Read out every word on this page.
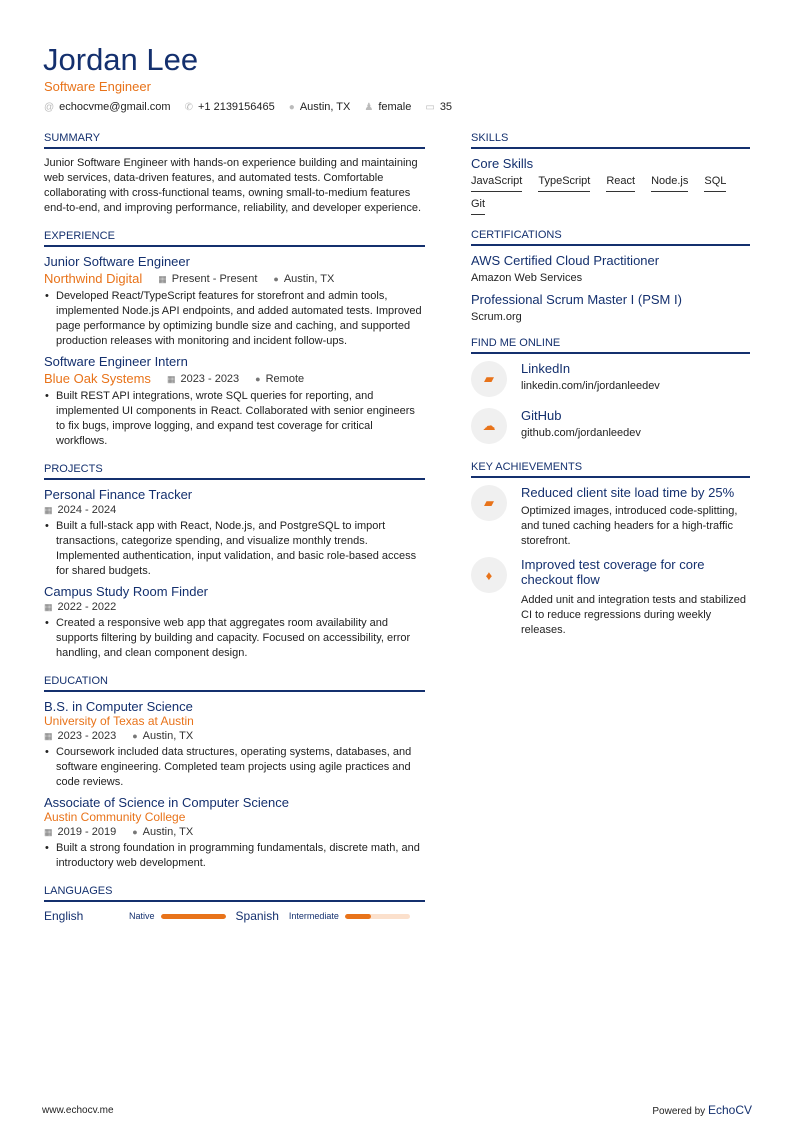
Jordan Lee
Software Engineer
@ echocvme@gmail.com ✆ +1 2139156465 ● Austin, TX ♟ female ▭ 35
SUMMARY

Junior Software Engineer with hands-on experience building and maintaining web services, data-driven features, and automated tests. Comfortable collaborating with cross-functional teams, owning small-to-medium features end-to-end, and improving performance, reliability, and developer experience.

EXPERIENCE
Junior Software Engineer
Northwind Digital ▦ Present - Present ● Austin, TX
• Developed React/TypeScript features for storefront and admin tools, implemented Node.js API endpoints, and added automated tests. Improved page performance by optimizing bundle size and caching, and supported production releases with monitoring and incident follow-ups.
Software Engineer Intern
Blue Oak Systems ▦ 2023 - 2023 ● Remote
• Built REST API integrations, wrote SQL queries for reporting, and implemented UI components in React. Collaborated with senior engineers to fix bugs, improve logging, and expand test coverage for critical workflows.
PROJECTS
Personal Finance Tracker
▦ 2024 - 2024
• Built a full-stack app with React, Node.js, and PostgreSQL to import transactions, categorize spending, and visualize monthly trends. Implemented authentication, input validation, and basic role-based access for shared budgets.
Campus Study Room Finder
▦ 2022 - 2022
• Created a responsive web app that aggregates room availability and supports filtering by building and capacity. Focused on accessibility, error handling, and clean component design.
EDUCATION
B.S. in Computer Science
University of Texas at Austin
▦ 2023 - 2023 ● Austin, TX
• Coursework included data structures, operating systems, databases, and software engineering. Completed team projects using agile practices and code reviews.
Associate of Science in Computer Science
Austin Community College
▦ 2019 - 2019 ● Austin, TX
• Built a strong foundation in programming fundamentals, discrete math, and introductory web development.
LANGUAGES
English	Native	Spanish Intermediate
SKILLS
Core Skills
JavaScript TypeScript React Node.js SQL
Git
CERTIFICATIONS
AWS Certified Cloud Practitioner
Amazon Web Services
Professional Scrum Master I (PSM I)
Scrum.org
FIND ME ONLINE
▰
LinkedIn
linkedin.com/in/jordanleedev
☁
GitHub
github.com/jordanleedev
KEY ACHIEVEMENTS
▰
Reduced client site load time by 25%

Optimized images, introduced code-splitting, and tuned caching headers for a high-traffic storefront.

♦
Improved test coverage for core checkout flow

Added unit and integration tests and stabilized CI to reduce regressions during weekly releases.

www.echocv.me	Powered by EchoCV
